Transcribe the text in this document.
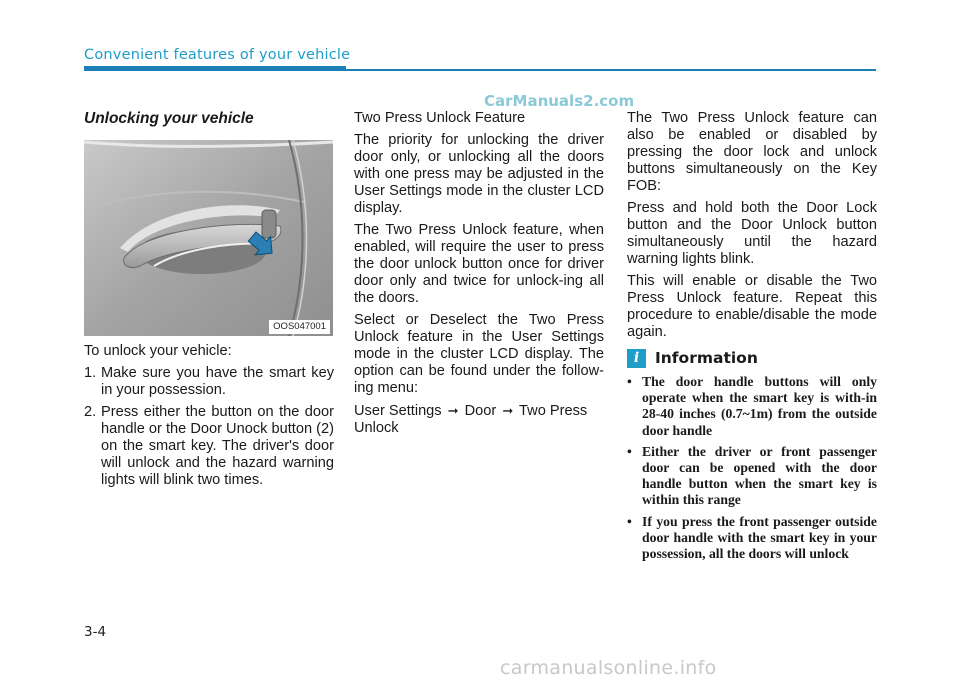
Convenient features of your vehicle
CarManuals2.com
Unlocking your vehicle
OOS047001

To unlock your vehicle:

1. Make sure you have the smart key in your possession.
2. Press either the button on the door handle or the Door Unock button (2) on the smart key. The driver's door will unlock and the hazard warning lights will blink two times.

Two Press Unlock Feature

The priority for unlocking the driver door only, or unlocking all the doors with one press may be adjusted in the User Settings mode in the cluster LCD display.

The Two Press Unlock feature, when enabled, will require the user to press the door unlock button once for driver door only and twice for unlock-ing all the doors.

Select or Deselect the Two Press Unlock feature in the User Settings mode in the cluster LCD display. The option can be found under the follow-ing menu:

User Settings ➞ Door ➞ Two Press Unlock

The Two Press Unlock feature can also be enabled or disabled by pressing the door lock and unlock buttons simultaneously on the Key FOB:

Press and hold both the Door Lock button and the Door Unlock button simultaneously until the hazard warning lights blink.

This will enable or disable the Two Press Unlock feature. Repeat this procedure to enable/disable the mode again.

i	Information
• The door handle buttons will only operate when the smart key is with-in 28-40 inches (0.7~1m) from the outside door handle
• Either the driver or front passenger door can be opened with the door handle button when the smart key is within this range
• If you press the front passenger outside door handle with the smart key in your possession, all the doors will unlock
3-4
carmanualsonline.info
